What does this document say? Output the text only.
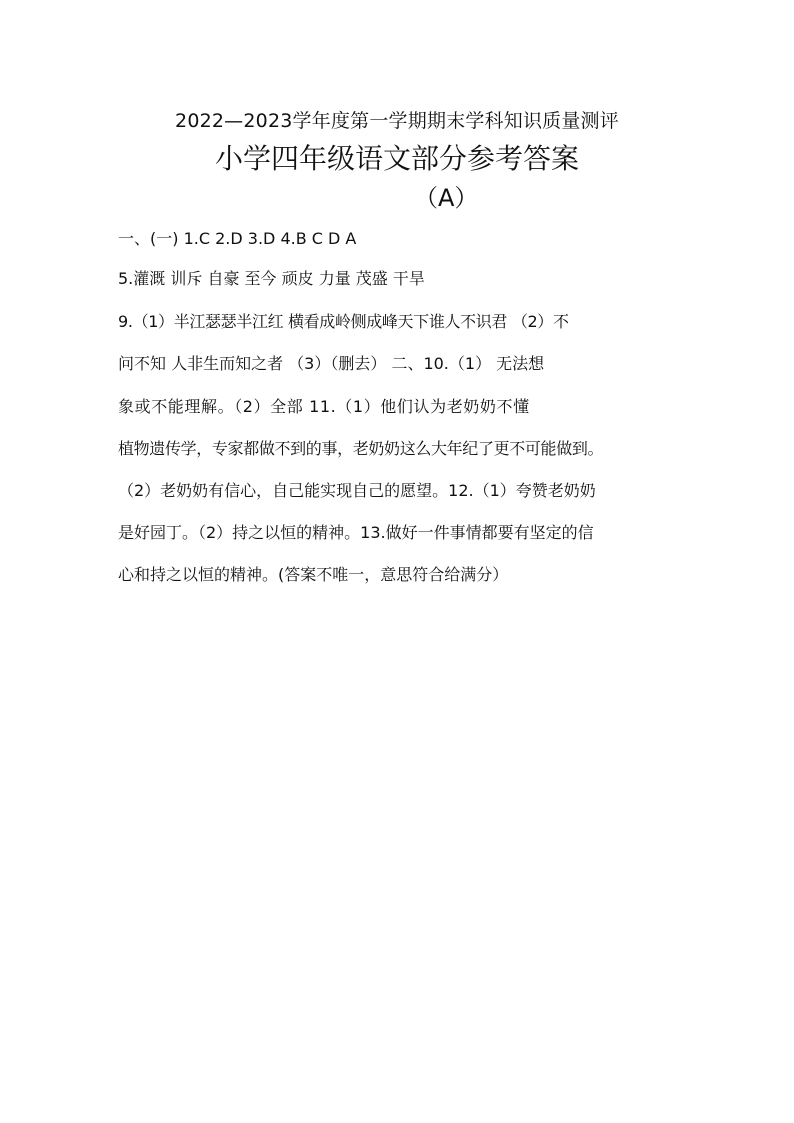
2022—2023学年度第一学期期末学科知识质量测评
小学四年级语文部分参考答案
（A）
一、(一) 1.C 2.D 3.D 4.B C D A
5.灌溉 训斥 自豪 至今 顽皮 力量 茂盛 干旱
9.（1）半江瑟瑟半江红 横看成岭侧成峰天下谁人不识君 （2）不
问不知 人非生而知之者 （3）（删去） 二、10.（1） 无法想
象或不能理解。（2）全部 11.（1）他们认为老奶奶不懂
植物遗传学，专家都做不到的事，老奶奶这么大年纪了更不可能做到。
（2）老奶奶有信心，自己能实现自己的愿望。12.（1）夸赞老奶奶
是好园丁。（2）持之以恒的精神。13.做好一件事情都要有坚定的信
心和持之以恒的精神。(答案不唯一，意思符合给满分）
